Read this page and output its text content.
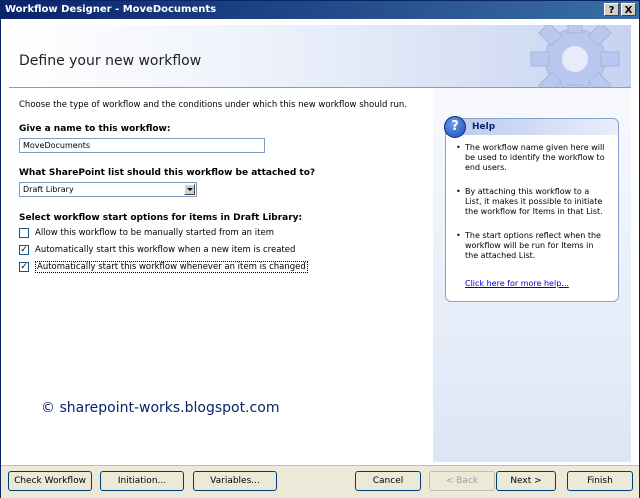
Workflow Designer - MoveDocuments	?	X
Define your new workflow
Choose the type of workflow and the conditions under which this new workflow should run.
Give a name to this workflow:
MoveDocuments
What SharePoint list should this workflow be attached to?
Draft Library
Select workflow start options for items in Draft Library:
Allow this workflow to be manually started from an item
✓ Automatically start this workflow when a new item is created
✓ Automatically start this workflow whenever an item is changed
© sharepoint-works.blogspot.com
?	Help
• The workflow name given here will be used to identify the workflow to end users.
• By attaching this workflow to a List, it makes it possible to initiate the workflow for Items in that List.
• The start options reflect when the workflow will be run for Items in the attached List.
Click here for more help...
Check Workflow	Initiation...	Variables...	Cancel	< Back	Next >	Finish
